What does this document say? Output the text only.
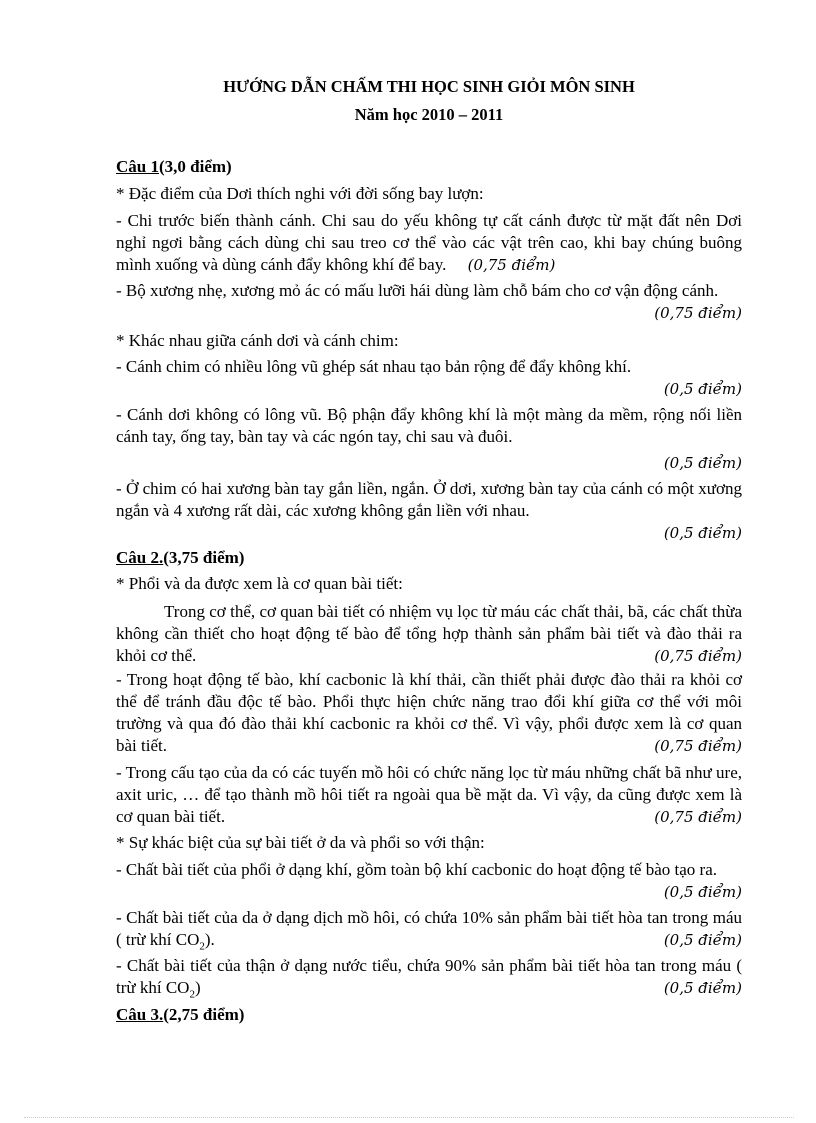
HƯỚNG DẪN CHẤM THI HỌC SINH GIỎI MÔN SINH
Năm học 2010 – 2011
Câu 1(3,0 điểm)

* Đặc điểm của Dơi thích nghi với đời sống bay lượn:

- Chi trước biến thành cánh. Chi sau do yếu không tự cất cánh được từ mặt đất nên Dơi nghỉ ngơi bằng cách dùng chi sau treo cơ thể vào các vật trên cao, khi bay chúng buông mình xuống và dùng cánh đẩy không khí để bay. (0,75 điểm)

- Bộ xương nhẹ, xương mỏ ác có mấu lưỡi hái dùng làm chỗ bám cho cơ vận động cánh.
(0,75 điểm)

* Khác nhau giữa cánh dơi và cánh chim:

- Cánh chim có nhiều lông vũ ghép sát nhau tạo bản rộng để đẩy không khí.

(0,5 điểm)

- Cánh dơi không có lông vũ. Bộ phận đẩy không khí là một màng da mềm, rộng nối liền cánh tay, ống tay, bàn tay và các ngón tay, chi sau và đuôi.

(0,5 điểm)

- Ở chim có hai xương bàn tay gắn liền, ngắn. Ở dơi, xương bàn tay của cánh có một xương ngắn và 4 xương rất dài, các xương không gắn liền với nhau.

(0,5 điểm)
Câu 2.(3,75 điểm)

* Phổi và da được xem là cơ quan bài tiết:

Trong cơ thể, cơ quan bài tiết có nhiệm vụ lọc từ máu các chất thải, bã, các chất thừa không cần thiết cho hoạt động tế bào để tổng hợp thành sản phẩm bài tiết và đào thải ra khỏi cơ thể.	(0,75 điểm)

- Trong hoạt động tế bào, khí cacbonic là khí thải, cần thiết phải được đào thải ra khỏi cơ thể để tránh đầu độc tế bào. Phổi thực hiện chức năng trao đổi khí giữa cơ thể với môi trường và qua đó đào thải khí cacbonic ra khỏi cơ thể. Vì vậy, phổi được xem là cơ quan bài tiết.	(0,75 điểm)

- Trong cấu tạo của da có các tuyến mồ hôi có chức năng lọc từ máu những chất bã như ure, axit uric, … để tạo thành mồ hôi tiết ra ngoài qua bề mặt da. Vì vậy, da cũng được xem là cơ quan bài tiết.	(0,75 điểm)

* Sự khác biệt của sự bài tiết ở da và phổi so với thận:

- Chất bài tiết của phổi ở dạng khí, gồm toàn bộ khí cacbonic do hoạt động tế bào tạo ra.
(0,5 điểm)

- Chất bài tiết của da ở dạng dịch mồ hôi, có chứa 10% sản phẩm bài tiết hòa tan trong máu ( trừ khí $CO_2$).	(0,5 điểm)

- Chất bài tiết của thận ở dạng nước tiểu, chứa 90% sản phẩm bài tiết hòa tan trong máu ( trừ khí $CO_2$)	(0,5 điểm)

Câu 3.(2,75 điểm)
